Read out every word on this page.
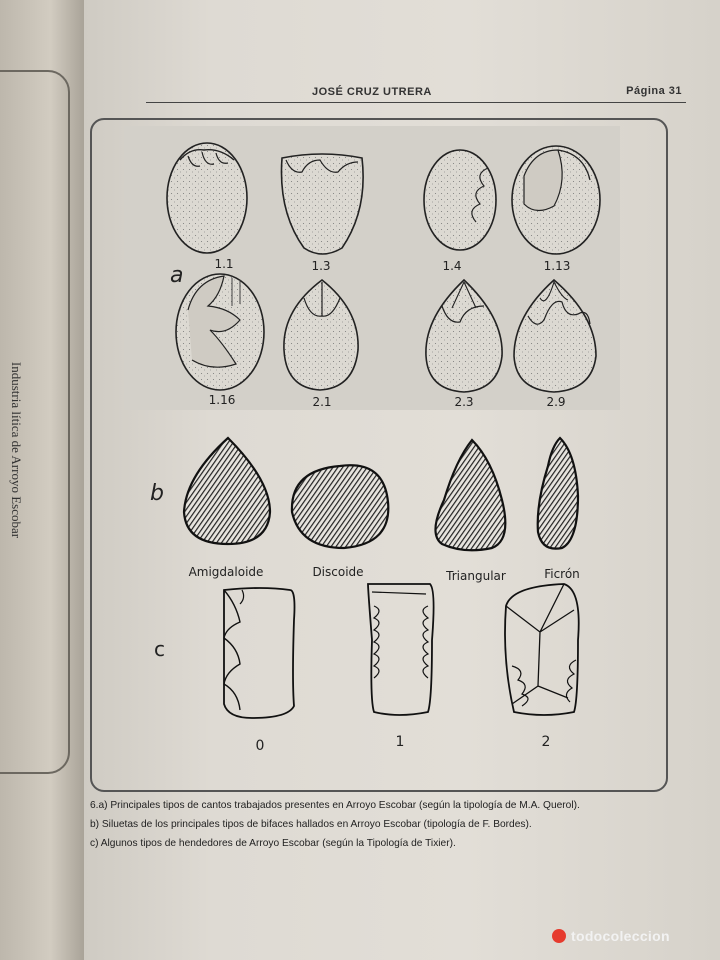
Industria lítica de Arroyo Escobar
JOSÉ CRUZ UTRERA	Página 31
a	1.1	1.3	1.4	1.13
1.16	2.1	2.3	2.9
b
Amigdaloide	Discoide	Triangular	Ficrón
c
0	1	2
6.a) Principales tipos de cantos trabajados presentes en Arroyo Escobar (según la tipología de M.A. Querol).
b) Siluetas de los principales tipos de bifaces hallados en Arroyo Escobar (tipología de F. Bordes).
c) Algunos tipos de hendedores de Arroyo Escobar (según la Tipología de Tixier).
todocoleccion
